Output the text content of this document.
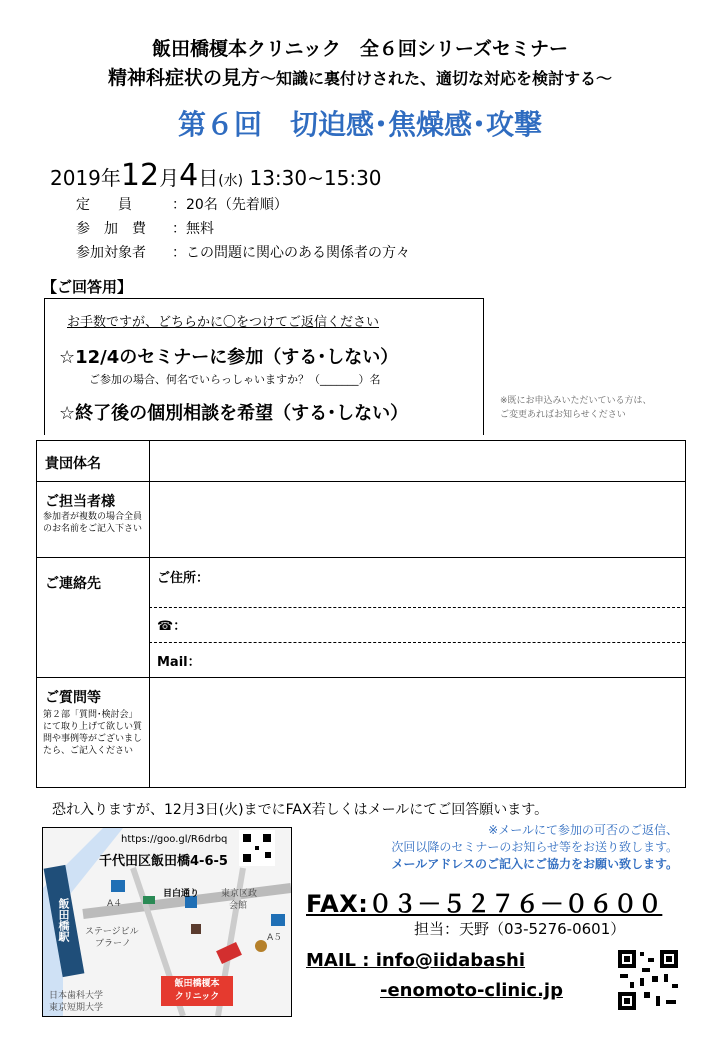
飯田橋榎本クリニック　全６回シリーズセミナー
精神科症状の見方～知識に裏付けされた、適切な対応を検討する～
第６回　切迫感･焦燥感･攻撃
2019年12月4日(水) 13:30~15:30
定　　員	：20名（先着順）
参　加　費 ：無料
参加対象者 ：この問題に関心のある関係者の方々
【ご回答用】
お手数ですが、どちらかに〇をつけてご返信ください
☆12/4のセミナーに参加（する･しない）
ご参加の場合、何名でいらっしゃいますか？（_______）名
☆終了後の個別相談を希望（する･しない）
※既にお申込みいただいている方は、
ご変更あればお知らせください
貴団体名
ご担当者様
参加者が複数の場合全員のお名前をご記入下さい
ご連絡先	ご住所：
☎：
Mail：
ご質問等
第２部「質問･検討会」にて取り上げて欲しい質問や事例等がございましたら、ご記入ください
恐れ入りますが、12月3日(火)までにFAX若しくはメールにてご回答願います。
https://goo.gl/R6drbq
千代田区飯田橋4-6-5
飯田橋駅	A４
A５
目白通り 東京区政
会館
ステージビル
ブラーノ
日本歯科大学
東京短期大学
飯田橋榎本
クリニック
※メールにて参加の可否のご返信、
次回以降のセミナーのお知らせ等をお送り致します。
メールアドレスのご記入にご協力をお願い致します。
FAX:０３－５２７６－０６００
担当：天野（03-5276-0601）
MAIL : info@iidabashi
-enomoto-clinic.jp
